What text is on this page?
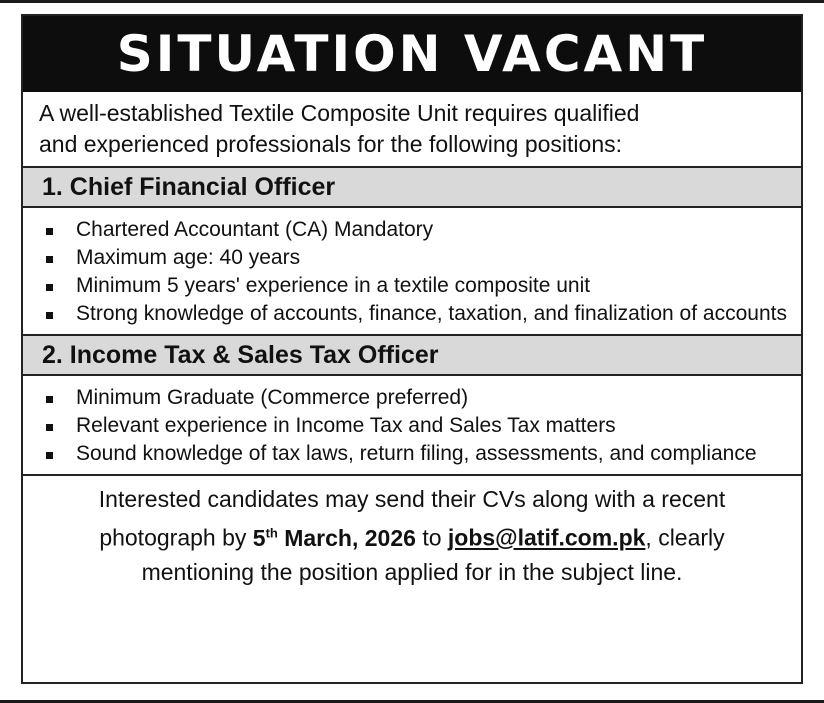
SITUATION VACANT

A well-established Textile Composite Unit requires qualified

and experienced professionals for the following positions:

1. Chief Financial Officer
Chartered Accountant (CA) Mandatory
Maximum age: 40 years
Minimum 5 years' experience in a textile composite unit
Strong knowledge of accounts, finance, taxation, and finalization of accounts
2. Income Tax & Sales Tax Officer
Minimum Graduate (Commerce preferred)
Relevant experience in Income Tax and Sales Tax matters
Sound knowledge of tax laws, return filing, assessments, and compliance

Interested candidates may send their CVs along with a recent

photograph by 5th March, 2026 to jobs@latif.com.pk, clearly

mentioning the position applied for in the subject line.
